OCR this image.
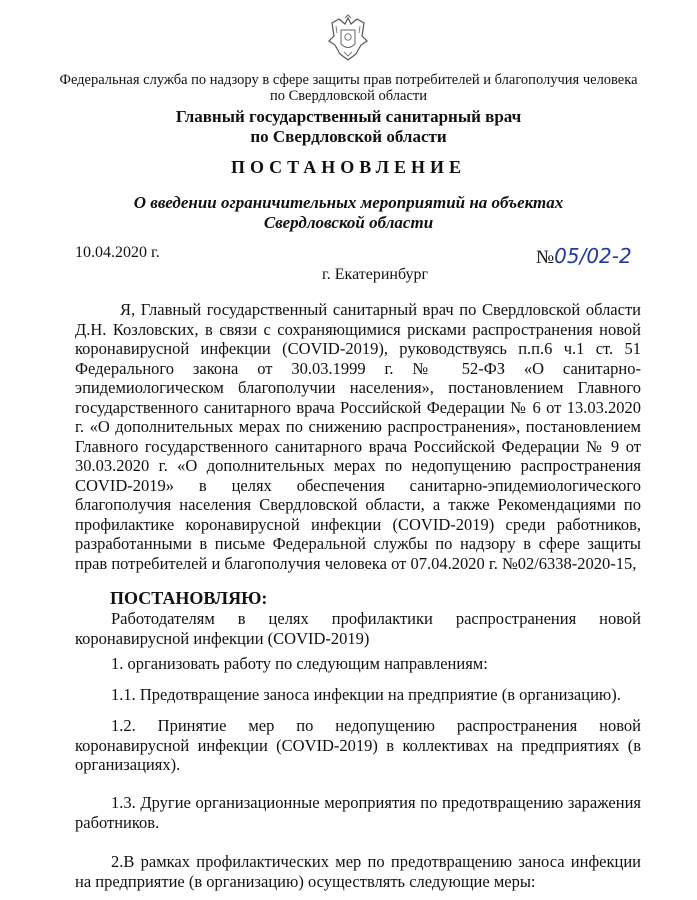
Федеральная служба по надзору в сфере защиты прав потребителей и благополучия человека
по Свердловской области
Главный государственный санитарный врач
по Свердловской области
ПОСТАНОВЛЕНИЕ
О введении ограничительных мероприятий на объектах
Свердловской области
10.04.2020 г.	№05/02-2
г. Екатеринбург
Я, Главный государственный санитарный врач по Свердловской области Д.Н. Козловских, в связи с сохраняющимися рисками распространения новой коронавирусной инфекции (COVID-2019), руководствуясь п.п.6 ч.1 ст. 51 Федерального закона от 30.03.1999 г. № 52-ФЗ «О санитарно-эпидемиологическом благополучии населения», постановлением Главного государственного санитарного врача Российской Федерации № 6 от 13.03.2020 г. «О дополнительных мерах по снижению распространения», постановлением Главного государственного санитарного врача Российской Федерации № 9 от 30.03.2020 г. «О дополнительных мерах по недопущению распространения COVID-2019» в целях обеспечения санитарно-эпидемиологического благополучия населения Свердловской области, а также Рекомендациями по профилактике коронавирусной инфекции (COVID-2019) среди работников, разработанными в письме Федеральной службы по надзору в сфере защиты прав потребителей и благополучия человека от 07.04.2020 г. №02/6338-2020-15,
ПОСТАНОВЛЯЮ:
Работодателям в целях профилактики распространения новой коронавирусной инфекции (COVID-2019)
1. организовать работу по следующим направлениям:
1.1. Предотвращение заноса инфекции на предприятие (в организацию).
1.2. Принятие мер по недопущению распространения новой коронавирусной инфекции (COVID-2019) в коллективах на предприятиях (в организациях).
1.3. Другие организационные мероприятия по предотвращению заражения работников.
2.В рамках профилактических мер по предотвращению заноса инфекции на предприятие (в организацию) осуществлять следующие меры:
